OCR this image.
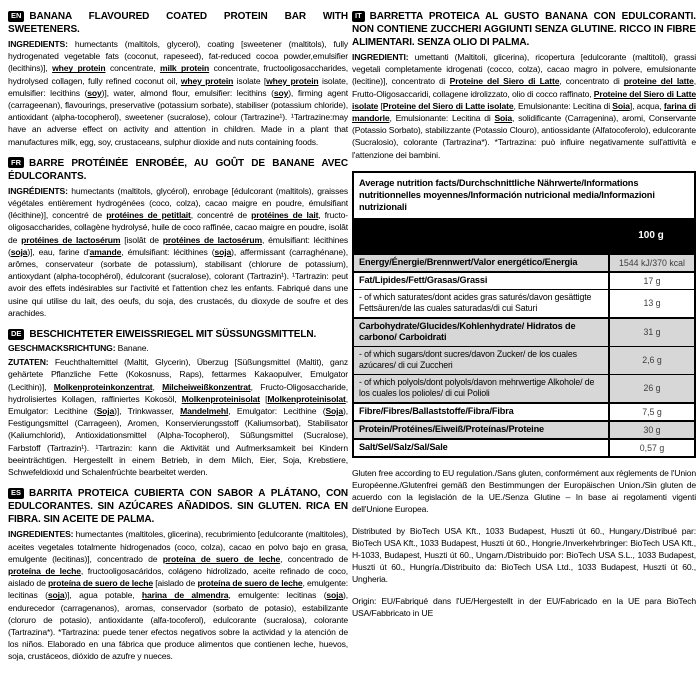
EN BANANA FLAVOURED COATED PROTEIN BAR WITH SWEETENERS.

INGREDIENTS: humectants (maltitols, glycerol), coating [sweetener (maltitols), fully hydrogenated vegetable fats (coconut, rapeseed), fat-reduced cocoa powder,emulsifier (lecithins)], whey protein concentrate, milk protein concentrate, fructooligosaccharides, hydrolysed collagen, fully refined coconut oil, whey protein isolate [whey protein isolate, emulsifier: lecithins (soy)], water, almond flour, emulsifier: lecithins (soy), firming agent (carrageenan), flavourings, preservative (potassium sorbate), stabiliser (potassium chloride), antioxidant (alpha-tocopherol), sweetener (sucralose), colour (Tartrazine¹). ¹Tartrazine:may have an adverse effect on activity and attention in children. Made in a plant that manufactures milk, egg, soy, crustaceans, sulphur dioxide and nuts containing foods.

FR BARRE PROTÉINÉE ENROBÉE, AU GOÛT DE BANANE AVEC ÉDULCORANTS.

INGRÉDIENTS: humectants (maltitols, glycérol), enrobage [édulcorant (maltitols), graisses végétales entièrement hydrogénées (coco, colza), cacao maigre en poudre, émulsifiant (lécithine)], concentré de protéines de petitlait, concentré de protéines de lait, fructo-oligosaccharides, collagène hydrolysé, huile de coco raffinée, cacao maigre en poudre, isolât de protéines de lactosérum [isolât de protéines de lactosérum, émulsifiant: lécithines (soja)], eau, farine d'amande, émulsifiant: lécithines (soja), affermissant (carraghénane), arômes, conservateur (sorbate de potassium), stabilisant (chlorure de potassium), antioxydant (alpha-tocophérol), édulcorant (sucralose), colorant (Tartrazin¹). ¹Tartrazin: peut avoir des effets indésirables sur l'activité et l'attention chez les enfants. Fabriqué dans une usine qui utilise du lait, des oeufs, du soja, des crustacés, du dioxyde de soufre et des arachides.

DE BESCHICHTETER EIWEISSRIEGEL MIT SÜSSUNGSMITTELN.

GESCHMACKSRICHTUNG: Banane.

ZUTATEN: Feuchthaltemittel (Maltit, Glycerin), Überzug [Süßungsmittel (Maltit), ganz gehärtete Pflanzliche Fette (Kokosnuss, Raps), fettarmes Kakaopulver, Emulgator (Lecithin)], Molkenproteinkonzentrat, Milcheiweißkonzentrat, Fructo-Oligosaccharide, hydrolisiertes Kollagen, raffiniertes Kokosöl, Molkenproteinisolat [Molkenproteinisolat, Emulgator: Lecithine (Soja)], Trinkwasser, Mandelmehl, Emulgator: Lecithine (Soja), Festigungsmittel (Carrageen), Aromen, Konservierungsstoff (Kaliumsorbat), Stabilisator (Kaliumchlorid), Antioxidationsmittel (Alpha-Tocopherol), Süßungsmittel (Sucralose), Farbstoff (Tartrazin¹). ¹Tartrazin: kann die Aktivität und Aufmerksamkeit bei Kindern beeinträchtigen. Hergestellt in einem Betrieb, in dem Milch, Eier, Soja, Krebstiere, Schwefeldioxid und Schalenfrüchte bearbeitet werden.

ES BARRITA PROTEICA CUBIERTA CON SABOR A PLÁTANO, CON EDULCORANTES. SIN AZÚCARES AÑADIDOS. SIN GLUTEN. RICA EN FIBRA. SIN ACEITE DE PALMA.

INGREDIENTES: humectantes (maltitoles, glicerina), recubrimiento [edulcorante (maltitoles), aceites vegetales totalmente hidrogenados (coco, colza), cacao en polvo bajo en grasa, emulgente (lecitinas)], concentrado de proteína de suero de leche, concentrado de proteína de leche, fructooligosacáridos, colágeno hidrolizado, aceite refinado de coco, aislado de proteína de suero de leche [aislado de proteína de suero de leche, emulgente: lecitinas (soja)], agua potable, harina de almendra, emulgente: lecitinas (soja), endurecedor (carragenanos), aromas, conservador (sorbato de potasio), estabilizante (cloruro de potasio), antioxidante (alfa-tocoferol), edulcorante (sucralosa), colorante (Tartrazina*). *Tartrazina: puede tener efectos negativos sobre la actividad y la atención de los niños. Elaborado en una fábrica que produce alimentos que contienen leche, huevos, soja, crustáceos, dióxido de azufre y nueces.

IT BARRETTA PROTEICA AL GUSTO BANANA CON EDULCORANTI. NON CONTIENE ZUCCHERI AGGIUNTI SENZA GLUTINE. RICCO IN FIBRE ALIMENTARI. SENZA OLIO DI PALMA.

INGREDIENTI: umettanti (Maltitoli, glicerina), ricopertura [edulcorante (maltitoli), grassi vegetali completamente idrogenati (cocco, colza), cacao magro in polvere, emulsionante (lecitine)], concentrato di Proteine del Siero di Latte, concentrato di proteine del latte, Frutto-Oligosaccaridi, collagene idrolizzato, olio di cocco raffinato, Proteine del Siero di Latte isolate [Proteine del Siero di Latte isolate, Emulsionante: Lecitina di Soia], acqua, farina di mandorle, Emulsionante: Lecitina di Soia, solidificante (Carragenina), aromi, Conservante (Potassio Sorbato), stabilizzante (Potassio Clouro), antiossidante (Alfatocoferolo), edulcorante (Sucralosio), colorante (Tartrazina*). *Tartrazina: può influire negativamente sull'attività e l'attenzione dei bambini.

Average nutrition facts/Durchschnittliche Nährwerte/Informations nutritionnelles moyennes/Información nutricional media/Informazioni nutrizionali
100 g
Energy/Énergie/Brennwert/Valor energético/Energia	1544 kJ/370 kcal
Fat/Lipides/Fett/Grasas/Grassi	17 g
- of which saturates/dont acides gras saturés/davon gesättigte Fettsäuren/de las cuales saturadas/di cui Saturi	13 g
Carbohydrate/Glucides/Kohlenhydrate/ Hidratos de carbono/ Carboidrati	31 g
- of which sugars/dont sucres/davon Zucker/ de los cuales azúcares/ di cui Zuccheri	2,6 g
- of which polyols/dont polyols/davon mehrwertige Alkohole/ de los cuales los polioles/ di cui Polioli	26 g
Fibre/Fibres/Ballaststoffe/Fibra/Fibra	7,5 g
Protein/Protéines/Eiweiß/Proteínas/Proteine	30 g
Salt/Sel/Salz/Sal/Sale	0,57 g

Gluten free according to EU regulation./Sans gluten, conformément aux règlements de l'Union Européenne./Glutenfrei gemäß den Bestimmungen der Europäischen Union./Sin gluten de acuerdo con la legislación de la UE./Senza Glutine – In base ai regolamenti vigenti dell'Unione Europea.

Distributed by BioTech USA Kft., 1033 Budapest, Huszti út 60., Hungary./Distribué par: BioTech USA Kft., 1033 Budapest, Huszti út 60., Hongrie./Inverkehrbringer: BioTech USA Kft., H-1033, Budapest, Huszti út 60., Ungarn./Distribuido por: BioTech USA S.L., 1033 Budapest, Huszti út 60., Hungría./Distribuito da: BioTech USA Ltd., 1033 Budapest, Huszti út 60., Ungheria.

Origin: EU/Fabriqué dans l'UE/Hergestellt in der EU/Fabricado en la UE para BioTech USA/Fabbricato in UE
